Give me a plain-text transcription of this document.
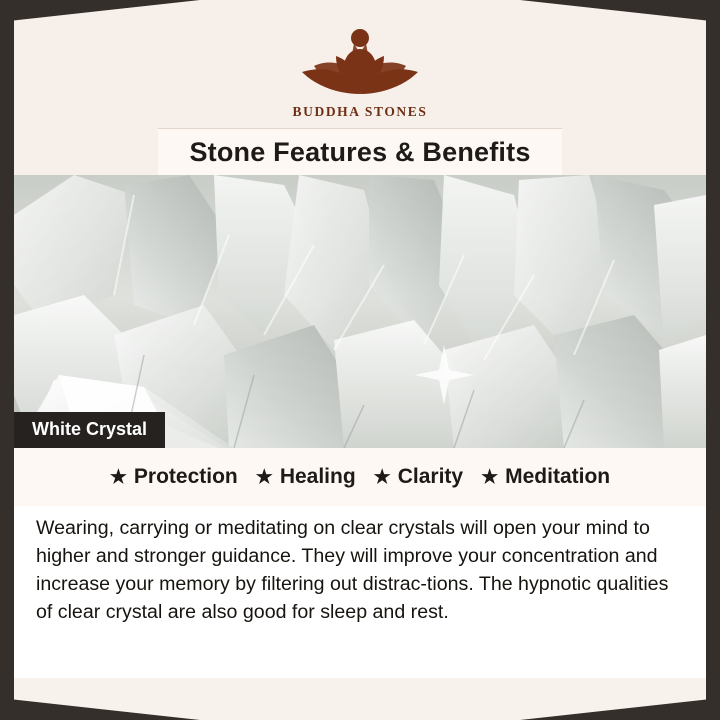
BUDDHA STONES
Stone Features & Benefits
White Crystal
★ Protection ★ Healing ★ Clarity ★ Meditation

Wearing, carrying or meditating on clear crystals will open your mind to higher and stronger guidance. They will improve your concentration and increase your memory by filtering out distrac-tions. The hypnotic qualities of clear crystal are also good for sleep and rest.
